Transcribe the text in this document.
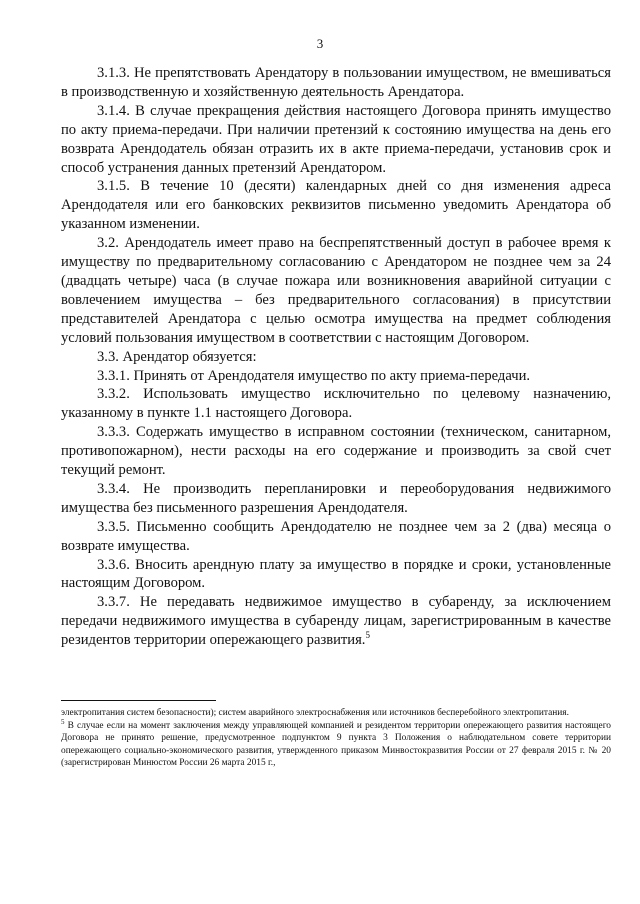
3

3.1.3. Не препятствовать Арендатору в пользовании имуществом, не вмешиваться в производственную и хозяйственную деятельность Арендатора.

3.1.4. В случае прекращения действия настоящего Договора принять имущество по акту приема-передачи. При наличии претензий к состоянию имущества на день его возврата Арендодатель обязан отразить их в акте приема-передачи, установив срок и способ устранения данных претензий Арендатором.

3.1.5. В течение 10 (десяти) календарных дней со дня изменения адреса Арендодателя или его банковских реквизитов письменно уведомить Арендатора об указанном изменении.

3.2. Арендодатель имеет право на беспрепятственный доступ в рабочее время к имуществу по предварительному согласованию с Арендатором не позднее чем за 24 (двадцать четыре) часа (в случае пожара или возникновения аварийной ситуации с вовлечением имущества – без предварительного согласования) в присутствии представителей Арендатора с целью осмотра имущества на предмет соблюдения условий пользования имуществом в соответствии с настоящим Договором.

3.3. Арендатор обязуется:

3.3.1. Принять от Арендодателя имущество по акту приема-передачи.

3.3.2. Использовать имущество исключительно по целевому назначению, указанному в пункте 1.1 настоящего Договора.

3.3.3. Содержать имущество в исправном состоянии (техническом, санитарном, противопожарном), нести расходы на его содержание и производить за свой счет текущий ремонт.

3.3.4. Не производить перепланировки и переоборудования недвижимого имущества без письменного разрешения Арендодателя.

3.3.5. Письменно сообщить Арендодателю не позднее чем за 2 (два) месяца о возврате имущества.

3.3.6. Вносить арендную плату за имущество в порядке и сроки, установленные настоящим Договором.

3.3.7. Не передавать недвижимое имущество в субаренду, за исключением передачи недвижимого имущества в субаренду лицам, зарегистрированным в качестве резидентов территории опережающего развития.$^5$

электропитания систем безопасности); систем аварийного электроснабжения или источников бесперебойного электропитания.

$^5$ В случае если на момент заключения между управляющей компанией и резидентом территории опережающего развития настоящего Договора не принято решение, предусмотренное подпунктом 9 пункта 3 Положения о наблюдательном совете территории опережающего социально-экономического развития, утвержденного приказом Минвостокразвития России от 27 февраля 2015 г. № 20 (зарегистрирован Минюстом России 26 марта 2015 г.,
